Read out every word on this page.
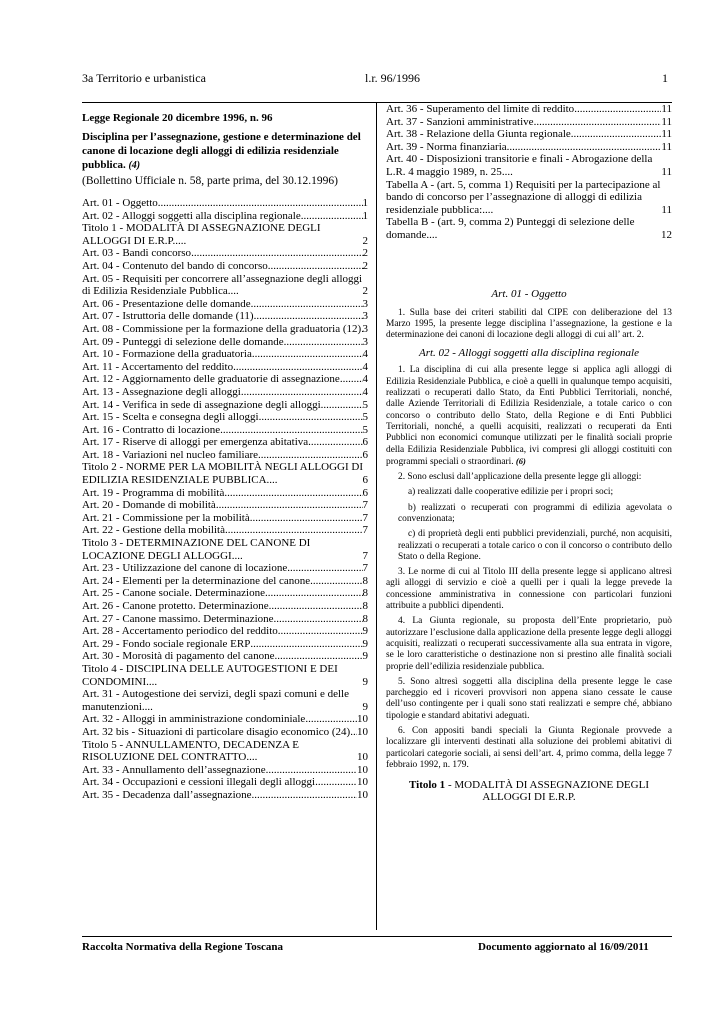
3a Territorio e urbanistica	l.r. 96/1996	1

Legge Regionale 20 dicembre 1996, n. 96

Disciplina per l’assegnazione, gestione e determinazione del canone di locazione degli alloggi di edilizia residenziale pubblica. (4)

(Bollettino Ufficiale n. 58, parte prima, del 30.12.1996)

Art. 01 - Oggetto .....	1
Art. 02 - Alloggi soggetti alla disciplina regionale .....	1
Titolo 1 - MODALITÀ DI ASSEGNAZIONE DEGLI ALLOGGI DI E.R.P. ....	2
Art. 03 - Bandi concorso .....	2
Art. 04 - Contenuto del bando di concorso .....	2
Art. 05 - Requisiti per concorrere all’assegnazione degli alloggi di Edilizia Residenziale Pubblica ....	2
Art. 06 - Presentazione delle domande .....	3
Art. 07 - Istruttoria delle domande (11) .....	3
Art. 08 - Commissione per la formazione della graduatoria (12) ..... 3
Art. 09 - Punteggi di selezione delle domande .....	3
Art. 10 - Formazione della graduatoria .....	4
Art. 11 - Accertamento del reddito .....	4
Art. 12 - Aggiornamento delle graduatorie di assegnazione ..... 4
Art. 13 - Assegnazione degli alloggi .....	4
Art. 14 - Verifica in sede di assegnazione degli alloggi .....	5
Art. 15 - Scelta e consegna degli alloggi .....	5
Art. 16 - Contratto di locazione .....	5
Art. 17 - Riserve di alloggi per emergenza abitativa .....	6
Art. 18 - Variazioni nel nucleo familiare .....	6
Titolo 2 - NORME PER LA MOBILITÀ NEGLI ALLOGGI DI EDILIZIA RESIDENZIALE PUBBLICA ....	6
Art. 19 - Programma di mobilità .....	6
Art. 20 - Domande di mobilità .....	7
Art. 21 - Commissione per la mobilità .....	7
Art. 22 - Gestione della mobilità .....	7
Titolo 3 - DETERMINAZIONE DEL CANONE DI LOCAZIONE DEGLI ALLOGGI ....	7
Art. 23 - Utilizzazione del canone di locazione .....	7
Art. 24 - Elementi per la determinazione del canone .....	8
Art. 25 - Canone sociale. Determinazione .....	8
Art. 26 - Canone protetto. Determinazione .....	8
Art. 27 - Canone massimo. Determinazione .....	8
Art. 28 - Accertamento periodico del reddito .....	9
Art. 29 - Fondo sociale regionale ERP .....	9
Art. 30 - Morosità di pagamento del canone .....	9
Titolo 4 - DISCIPLINA DELLE AUTOGESTIONI E DEI CONDOMINI ....	9
Art. 31 - Autogestione dei servizi, degli spazi comuni e delle manutenzioni ....	9
Art. 32 - Alloggi in amministrazione condominiale .....	10
Art. 32 bis - Situazioni di particolare disagio economico (24) ..... 10
Titolo 5 - ANNULLAMENTO, DECADENZA E RISOLUZIONE DEL CONTRATTO ....	10
Art. 33 - Annullamento dell’assegnazione .....	10
Art. 34 - Occupazioni e cessioni illegali degli alloggi .....	10
Art. 35 - Decadenza dall’assegnazione .....	10
Art. 36 - Superamento del limite di reddito .....	11
Art. 37 - Sanzioni amministrative .....	11
Art. 38 - Relazione della Giunta regionale .....	11
Art. 39 - Norma finanziaria .....	11
Art. 40 - Disposizioni transitorie e finali - Abrogazione della L.R. 4 maggio 1989, n. 25 ....	11
Tabella A - (art. 5, comma 1) Requisiti per la partecipazione al bando di concorso per l’assegnazione di alloggi di edilizia residenziale pubblica: ....	11
Tabella B - (art. 9, comma 2) Punteggi di selezione delle domande ....	12
Art. 01 - Oggetto

1. Sulla base dei criteri stabiliti dal CIPE con deliberazione del 13 Marzo 1995, la presente legge disciplina l’assegnazione, la gestione e la determinazione dei canoni di locazione degli alloggi di cui all’ art. 2.

Art. 02 - Alloggi soggetti alla disciplina regionale

1. La disciplina di cui alla presente legge si applica agli alloggi di Edilizia Residenziale Pubblica, e cioè a quelli in qualunque tempo acquisiti, realizzati o recuperati dallo Stato, da Enti Pubblici Territoriali, nonché, dalle Aziende Territoriali di Edilizia Residenziale, a totale carico o con concorso o contributo dello Stato, della Regione e di Enti Pubblici Territoriali, nonché, a quelli acquisiti, realizzati o recuperati da Enti Pubblici non economici comunque utilizzati per le finalità sociali proprie della Edilizia Residenziale Pubblica, ivi compresi gli alloggi costituiti con programmi speciali o straordinari. (6)

2. Sono esclusi dall’applicazione della presente legge gli alloggi:

a) realizzati dalle cooperative edilizie per i propri soci;

b) realizzati o recuperati con programmi di edilizia agevolata o convenzionata;

c) di proprietà degli enti pubblici previdenziali, purché, non acquisiti, realizzati o recuperati a totale carico o con il concorso o contributo dello Stato o della Regione.

3. Le norme di cui al Titolo III della presente legge si applicano altresì agli alloggi di servizio e cioè a quelli per i quali la legge prevede la concessione amministrativa in connessione con particolari funzioni attribuite a pubblici dipendenti.

4. La Giunta regionale, su proposta dell’Ente proprietario, può autorizzare l’esclusione dalla applicazione della presente legge degli alloggi acquisiti, realizzati o recuperati successivamente alla sua entrata in vigore, se le loro caratteristiche o destinazione non si prestino alle finalità sociali proprie dell’edilizia residenziale pubblica.

5. Sono altresì soggetti alla disciplina della presente legge le case parcheggio ed i ricoveri provvisori non appena siano cessate le cause dell’uso contingente per i quali sono stati realizzati e sempre ché, abbiano tipologie e standard abitativi adeguati.

6. Con appositi bandi speciali la Giunta Regionale provvede a localizzare gli interventi destinati alla soluzione dei problemi abitativi di particolari categorie sociali, ai sensi dell’art. 4, primo comma, della legge 7 febbraio 1992, n. 179.

Titolo 1 - MODALITÀ DI ASSEGNAZIONE DEGLI ALLOGGI DI E.R.P.
Raccolta Normativa della Regione Toscana	Documento aggiornato al 16/09/2011
